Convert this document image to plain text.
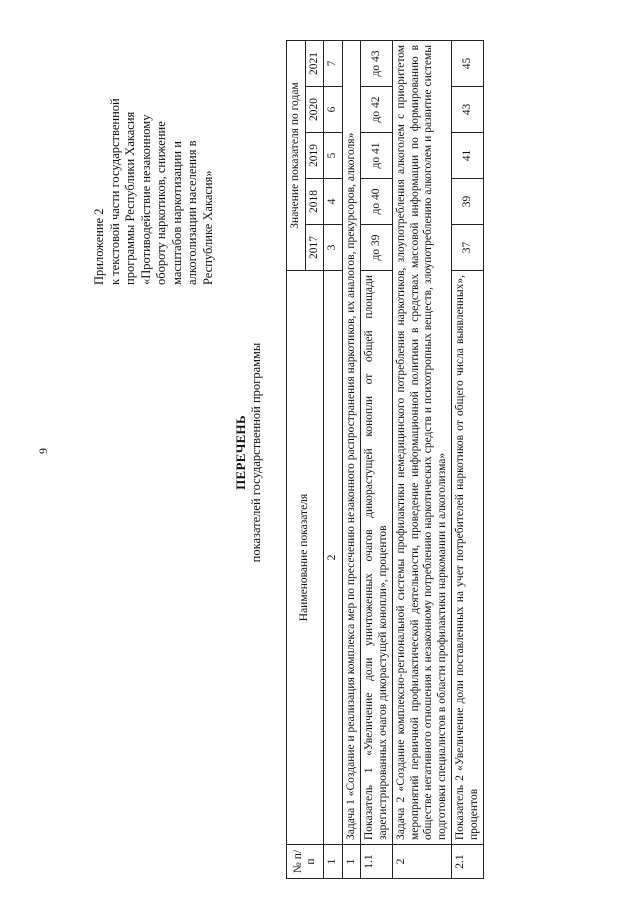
9
Приложение 2 к текстовой части государственной программы Республики Хакасия «Противодействие незаконному обороту наркотиков, снижение масштабов наркотизации и алкоголизации населения в Республике Хакасия»
ПЕРЕЧЕНЬ показателей государственной программы
№ п/п	Наименование показателя	Значение показателя по годам				
		2017	2018	2019	2020	2021
1	2	3	4	5	6	7
1	Задача 1 «Создание и реализация комплекса мер по пресечению незаконного распространения наркотиков, их аналогов, прекурсоров, алкоголя»					
1.1	Показатель 1 «Увеличение доли уничтоженных очагов дикорастущей конопли от общей площади зарегистрированных очагов дикорастущей конопли», процентов	до 39	до 40	до 41	до 42	до 43
2	Задача 2 «Создание комплексно-региональной системы профилактики немедицинского потребления наркотиков, злоупотребления алкоголем с приоритетом мероприятий первичной профилактической деятельности, проведение информационной политики в средствах массовой информации по формированию в обществе негативного отношения к незаконному потреблению наркотических средств и психотропных веществ, злоупотреблению алкоголем и развитие системы подготовки специалистов в области профилактики наркомании и алкоголизма»					
2.1	Показатель 2 «Увеличение доли поставленных на учет потребителей наркотиков от общего числа выявленных», процентов	37	39	41	43	45
